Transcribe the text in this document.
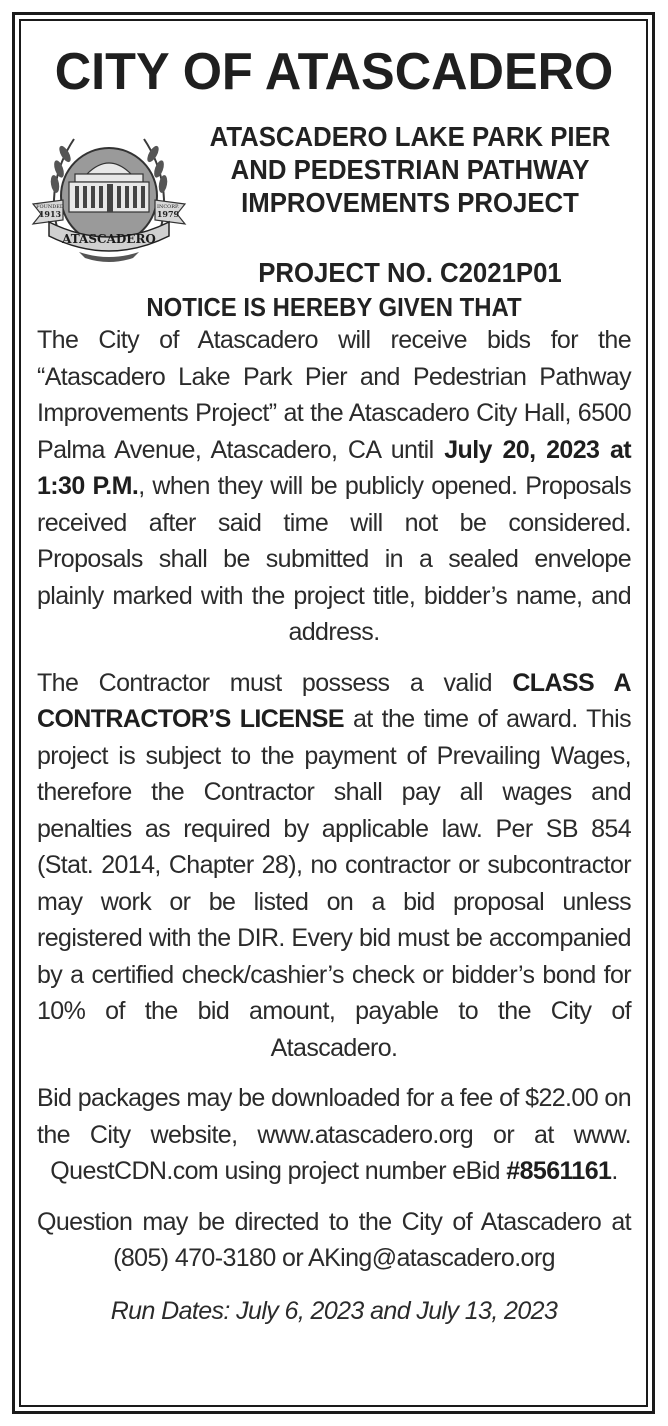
CITY OF ATASCADERO
FOUNDED
1913
INCORP.
1979
ATASCADERO
ATASCADERO LAKE PARK PIER
AND PEDESTRIAN PATHWAY
IMPROVEMENTS PROJECT
PROJECT NO. C2021P01
NOTICE IS HEREBY GIVEN THAT

The City of Atascadero will receive bids for the “Atascadero Lake Park Pier and Pedestrian Pathway Improvements Project” at the Atascadero City Hall, 6500 Palma Avenue, Atascadero, CA until July 20, 2023 at 1:30 P.M., when they will be publicly opened. Proposals received after said time will not be considered. Proposals shall be submitted in a sealed envelope plainly marked with the project title, bidder’s name, and address.

The Contractor must possess a valid CLASS A CONTRACTOR’S LICENSE at the time of award. This project is subject to the payment of Prevailing Wages, therefore the Contractor shall pay all wages and penalties as required by applicable law. Per SB 854 (Stat. 2014, Chapter 28), no contractor or subcontractor may work or be listed on a bid proposal unless registered with the DIR. Every bid must be accompanied by a certified check/cashier’s check or bidder’s bond for 10% of the bid amount, payable to the City of Atascadero.

Bid packages may be downloaded for a fee of $22.00 on the City website, www.atascadero.org or at www. QuestCDN.com using project number eBid #8561161.

Question may be directed to the City of Atascadero at (805) 470-3180 or AKing@atascadero.org

Run Dates: July 6, 2023 and July 13, 2023
